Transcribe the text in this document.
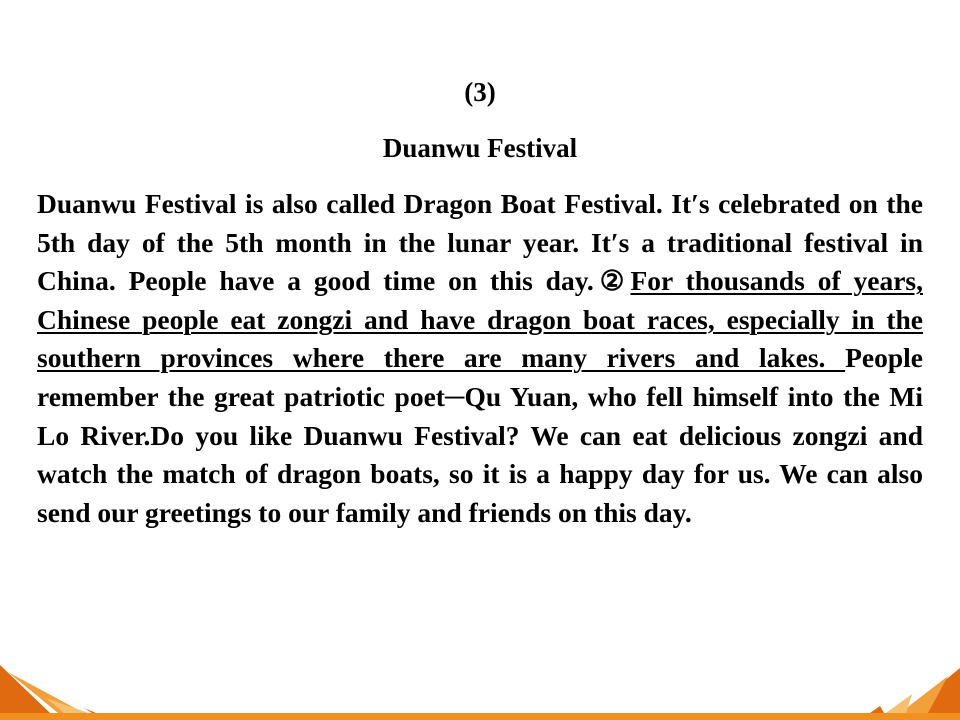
(3)
Duanwu Festival

Duanwu Festival is also called Dragon Boat Festival. It′s celebrated on the 5th day of the 5th month in the lunar year. It′s a traditional festival in China. People have a good time on this day.②For thousands of years, Chinese people eat zongzi and have dragon boat races, especially in the southern provinces where there are many rivers and lakes. People remember the great patriotic poet─Qu Yuan, who fell himself into the Mi Lo River.Do you like Duanwu Festival? We can eat delicious zongzi and watch the match of dragon boats, so it is a happy day for us. We can also send our greetings to our family and friends on this day.
